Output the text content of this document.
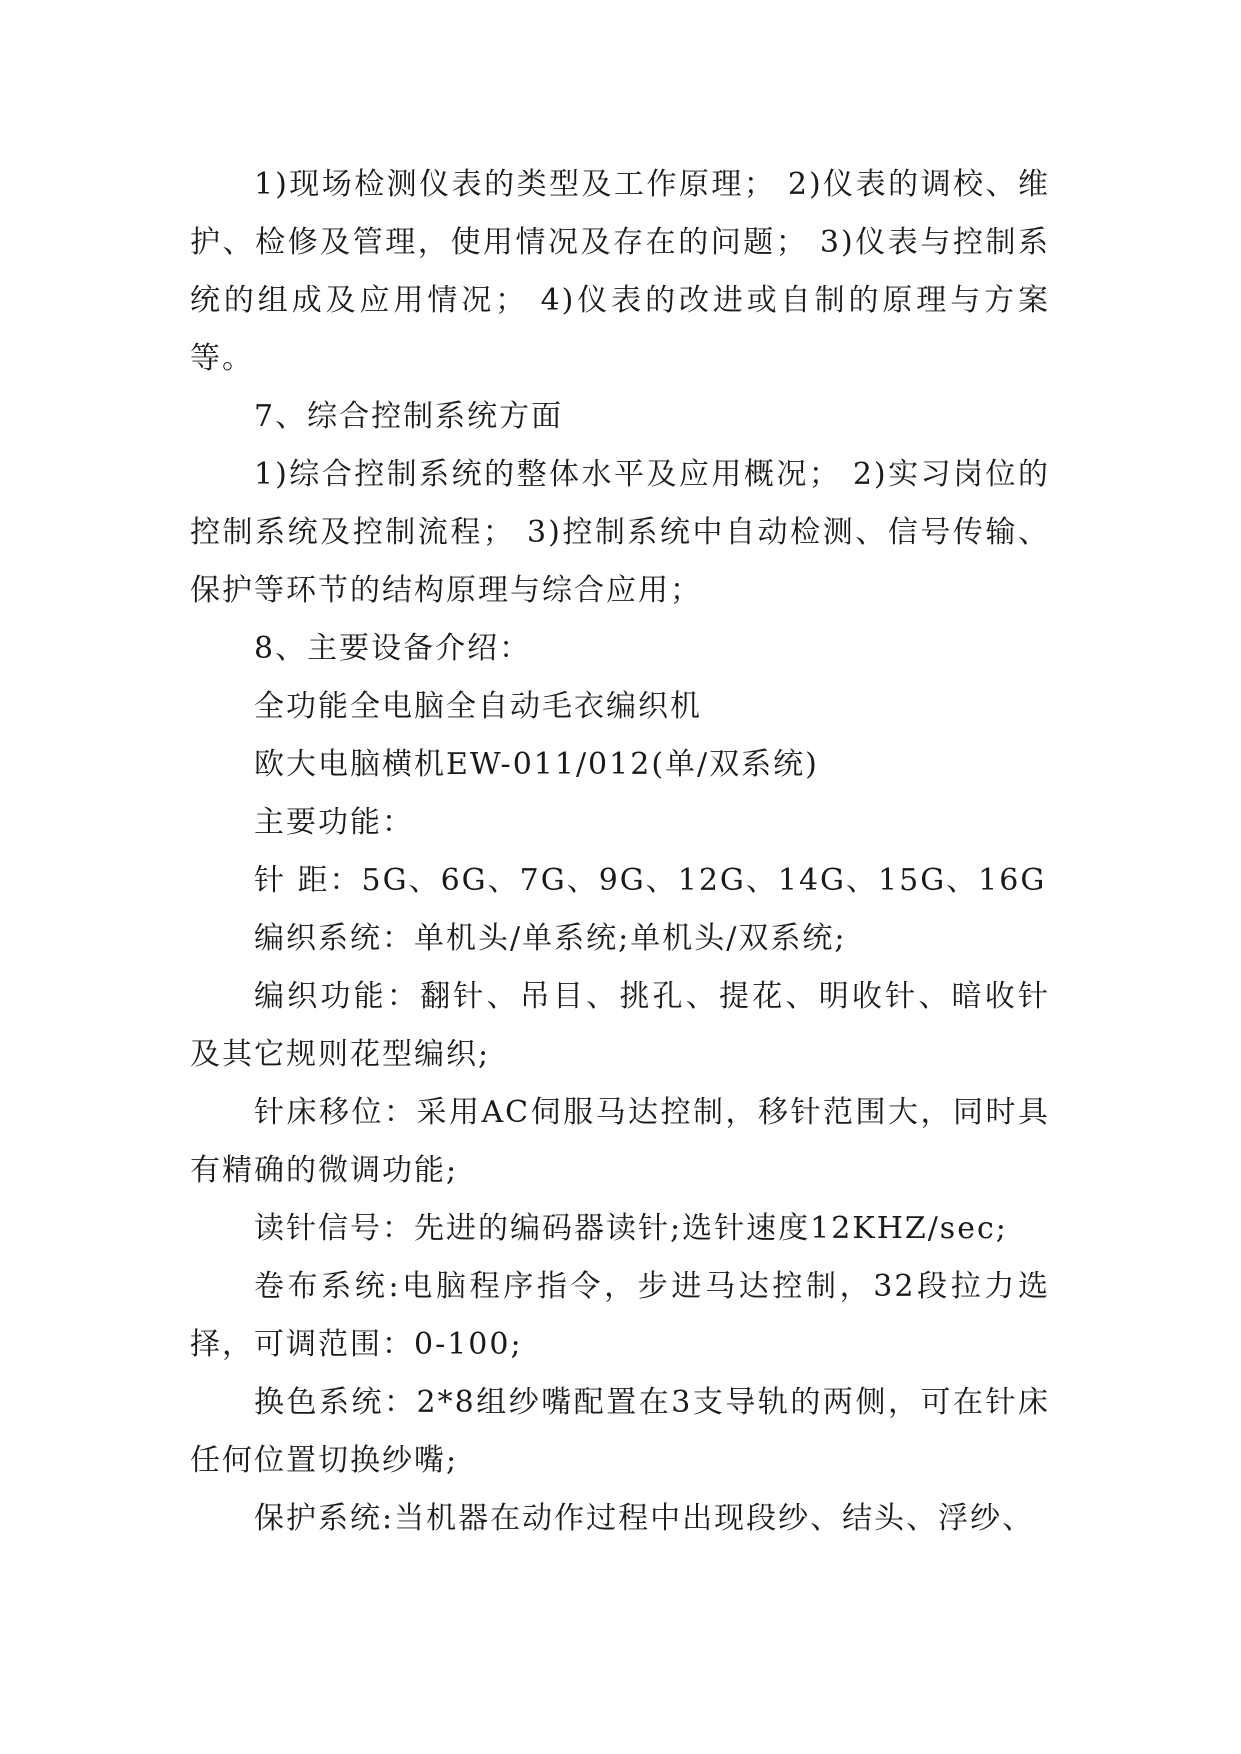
1)现场检测仪表的类型及工作原理； 2)仪表的调校、维护、检修及管理，使用情况及存在的问题； 3)仪表与控制系统的组成及应用情况； 4)仪表的改进或自制的原理与方案等。

7、综合控制系统方面

1)综合控制系统的整体水平及应用概况； 2)实习岗位的控制系统及控制流程； 3)控制系统中自动检测、信号传输、保护等环节的结构原理与综合应用；

8、主要设备介绍：

全功能全电脑全自动毛衣编织机

欧大电脑横机EW-011/012(单/双系统)

主要功能：

针 距：5G、6G、7G、9G、12G、14G、15G、16G

编织系统：单机头/单系统;单机头/双系统;

编织功能：翻针、吊目、挑孔、提花、明收针、暗收针及其它规则花型编织;

针床移位：采用AC伺服马达控制，移针范围大，同时具有精确的微调功能;

读针信号：先进的编码器读针;选针速度12KHZ/sec;

卷布系统:电脑程序指令，步进马达控制，32段拉力选择，可调范围：0-100;

换色系统：2*8组纱嘴配置在3支导轨的两侧，可在针床任何位置切换纱嘴;

保护系统:当机器在动作过程中出现段纱、结头、浮纱、
